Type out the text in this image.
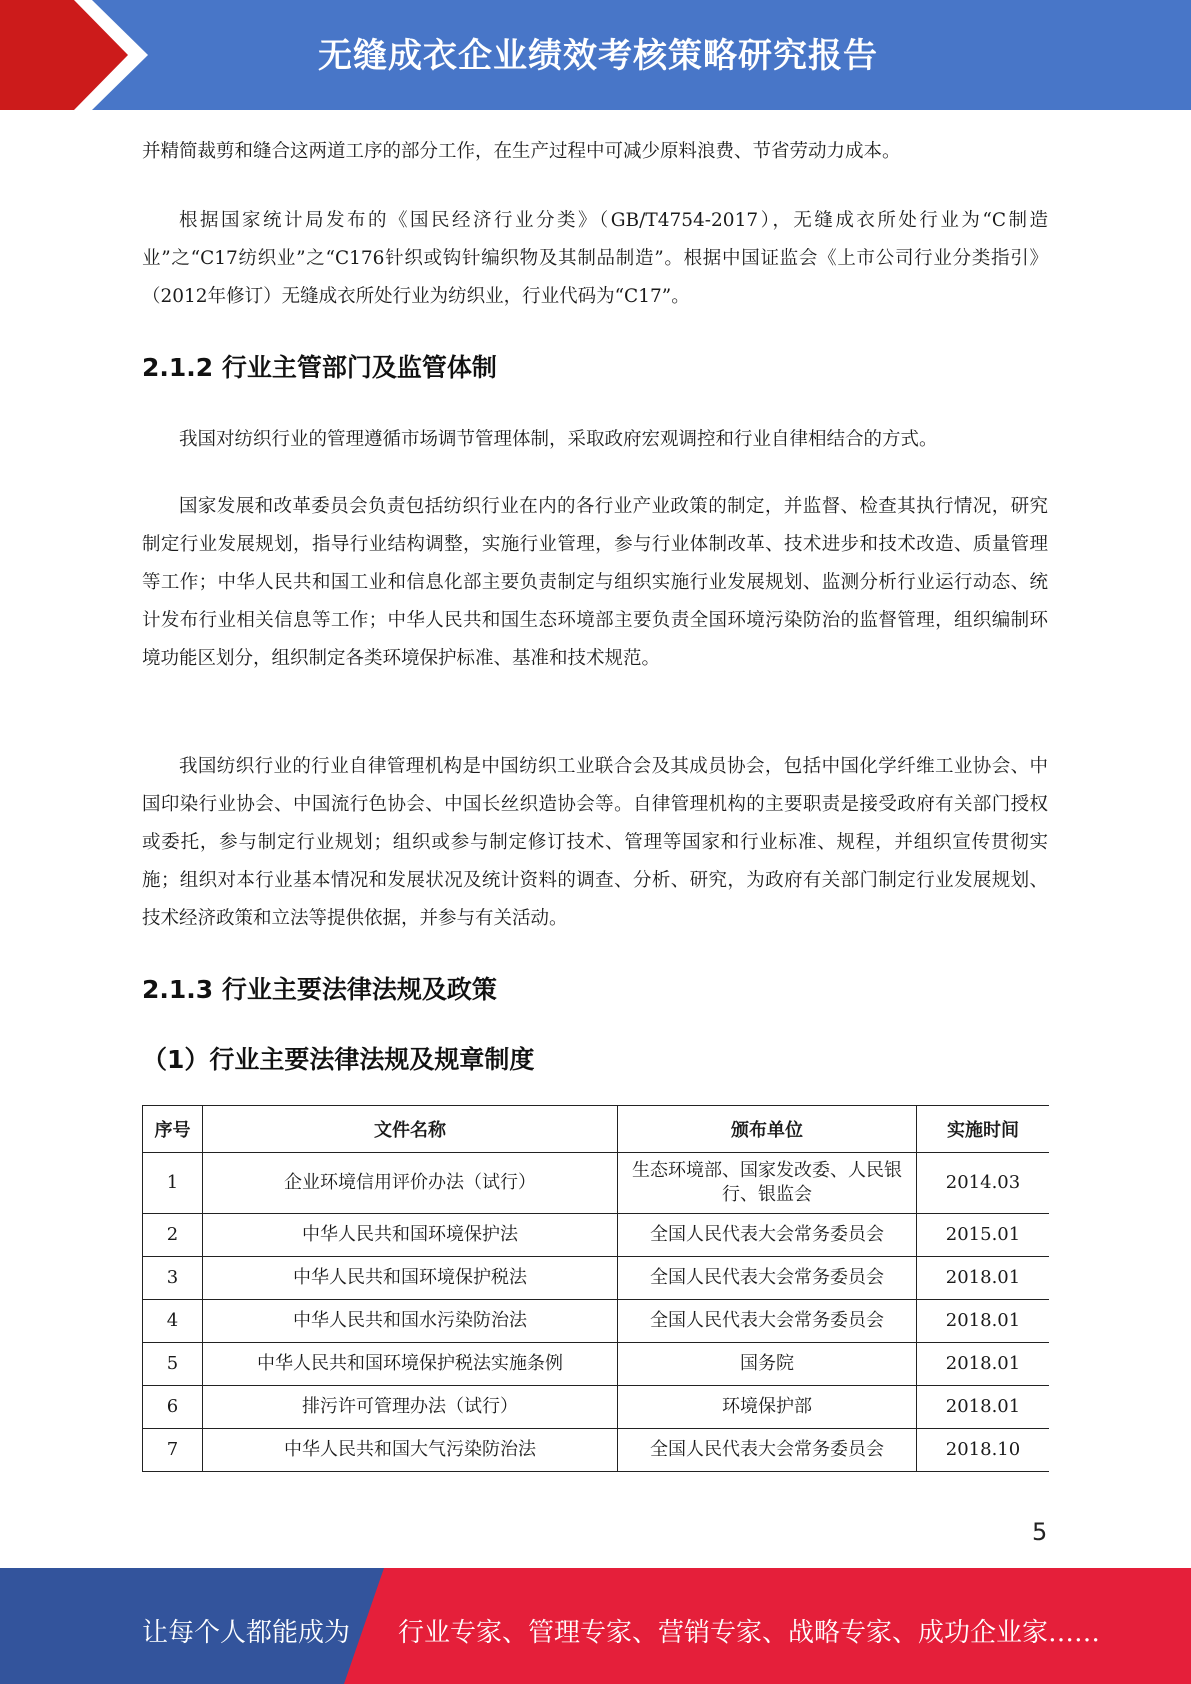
无缝成衣企业绩效考核策略研究报告

并精简裁剪和缝合这两道工序的部分工作，在生产过程中可减少原料浪费、节省劳动力成本。

根据国家统计局发布的《国民经济行业分类》（GB/T4754-2017），无缝成衣所处行业为“C制造业”之“C17纺织业”之“C176针织或钩针编织物及其制品制造”。根据中国证监会《上市公司行业分类指引》（2012年修订）无缝成衣所处行业为纺织业，行业代码为“C17”。

2.1.2 行业主管部门及监管体制

我国对纺织行业的管理遵循市场调节管理体制，采取政府宏观调控和行业自律相结合的方式。

国家发展和改革委员会负责包括纺织行业在内的各行业产业政策的制定，并监督、检查其执行情况，研究制定行业发展规划，指导行业结构调整，实施行业管理，参与行业体制改革、技术进步和技术改造、质量管理等工作；中华人民共和国工业和信息化部主要负责制定与组织实施行业发展规划、监测分析行业运行动态、统计发布行业相关信息等工作；中华人民共和国生态环境部主要负责全国环境污染防治的监督管理，组织编制环境功能区划分，组织制定各类环境保护标准、基准和技术规范。

我国纺织行业的行业自律管理机构是中国纺织工业联合会及其成员协会，包括中国化学纤维工业协会、中国印染行业协会、中国流行色协会、中国长丝织造协会等。自律管理机构的主要职责是接受政府有关部门授权或委托，参与制定行业规划；组织或参与制定修订技术、管理等国家和行业标准、规程，并组织宣传贯彻实施；组织对本行业基本情况和发展状况及统计资料的调查、分析、研究，为政府有关部门制定行业发展规划、技术经济政策和立法等提供依据，并参与有关活动。

2.1.3 行业主要法律法规及政策
（1）行业主要法律法规及规章制度
序号	文件名称	颁布单位	实施时间
1	企业环境信用评价办法（试行）	生态环境部、国家发改委、人民银行、银监会	2014.03
2	中华人民共和国环境保护法	全国人民代表大会常务委员会	2015.01
3	中华人民共和国环境保护税法	全国人民代表大会常务委员会	2018.01
4	中华人民共和国水污染防治法	全国人民代表大会常务委员会	2018.01
5	中华人民共和国环境保护税法实施条例	国务院	2018.01
6	排污许可管理办法（试行）	环境保护部	2018.01
7	中华人民共和国大气污染防治法	全国人民代表大会常务委员会	2018.10
5
让每个人都能成为 行业专家、管理专家、营销专家、战略专家、成功企业家……
